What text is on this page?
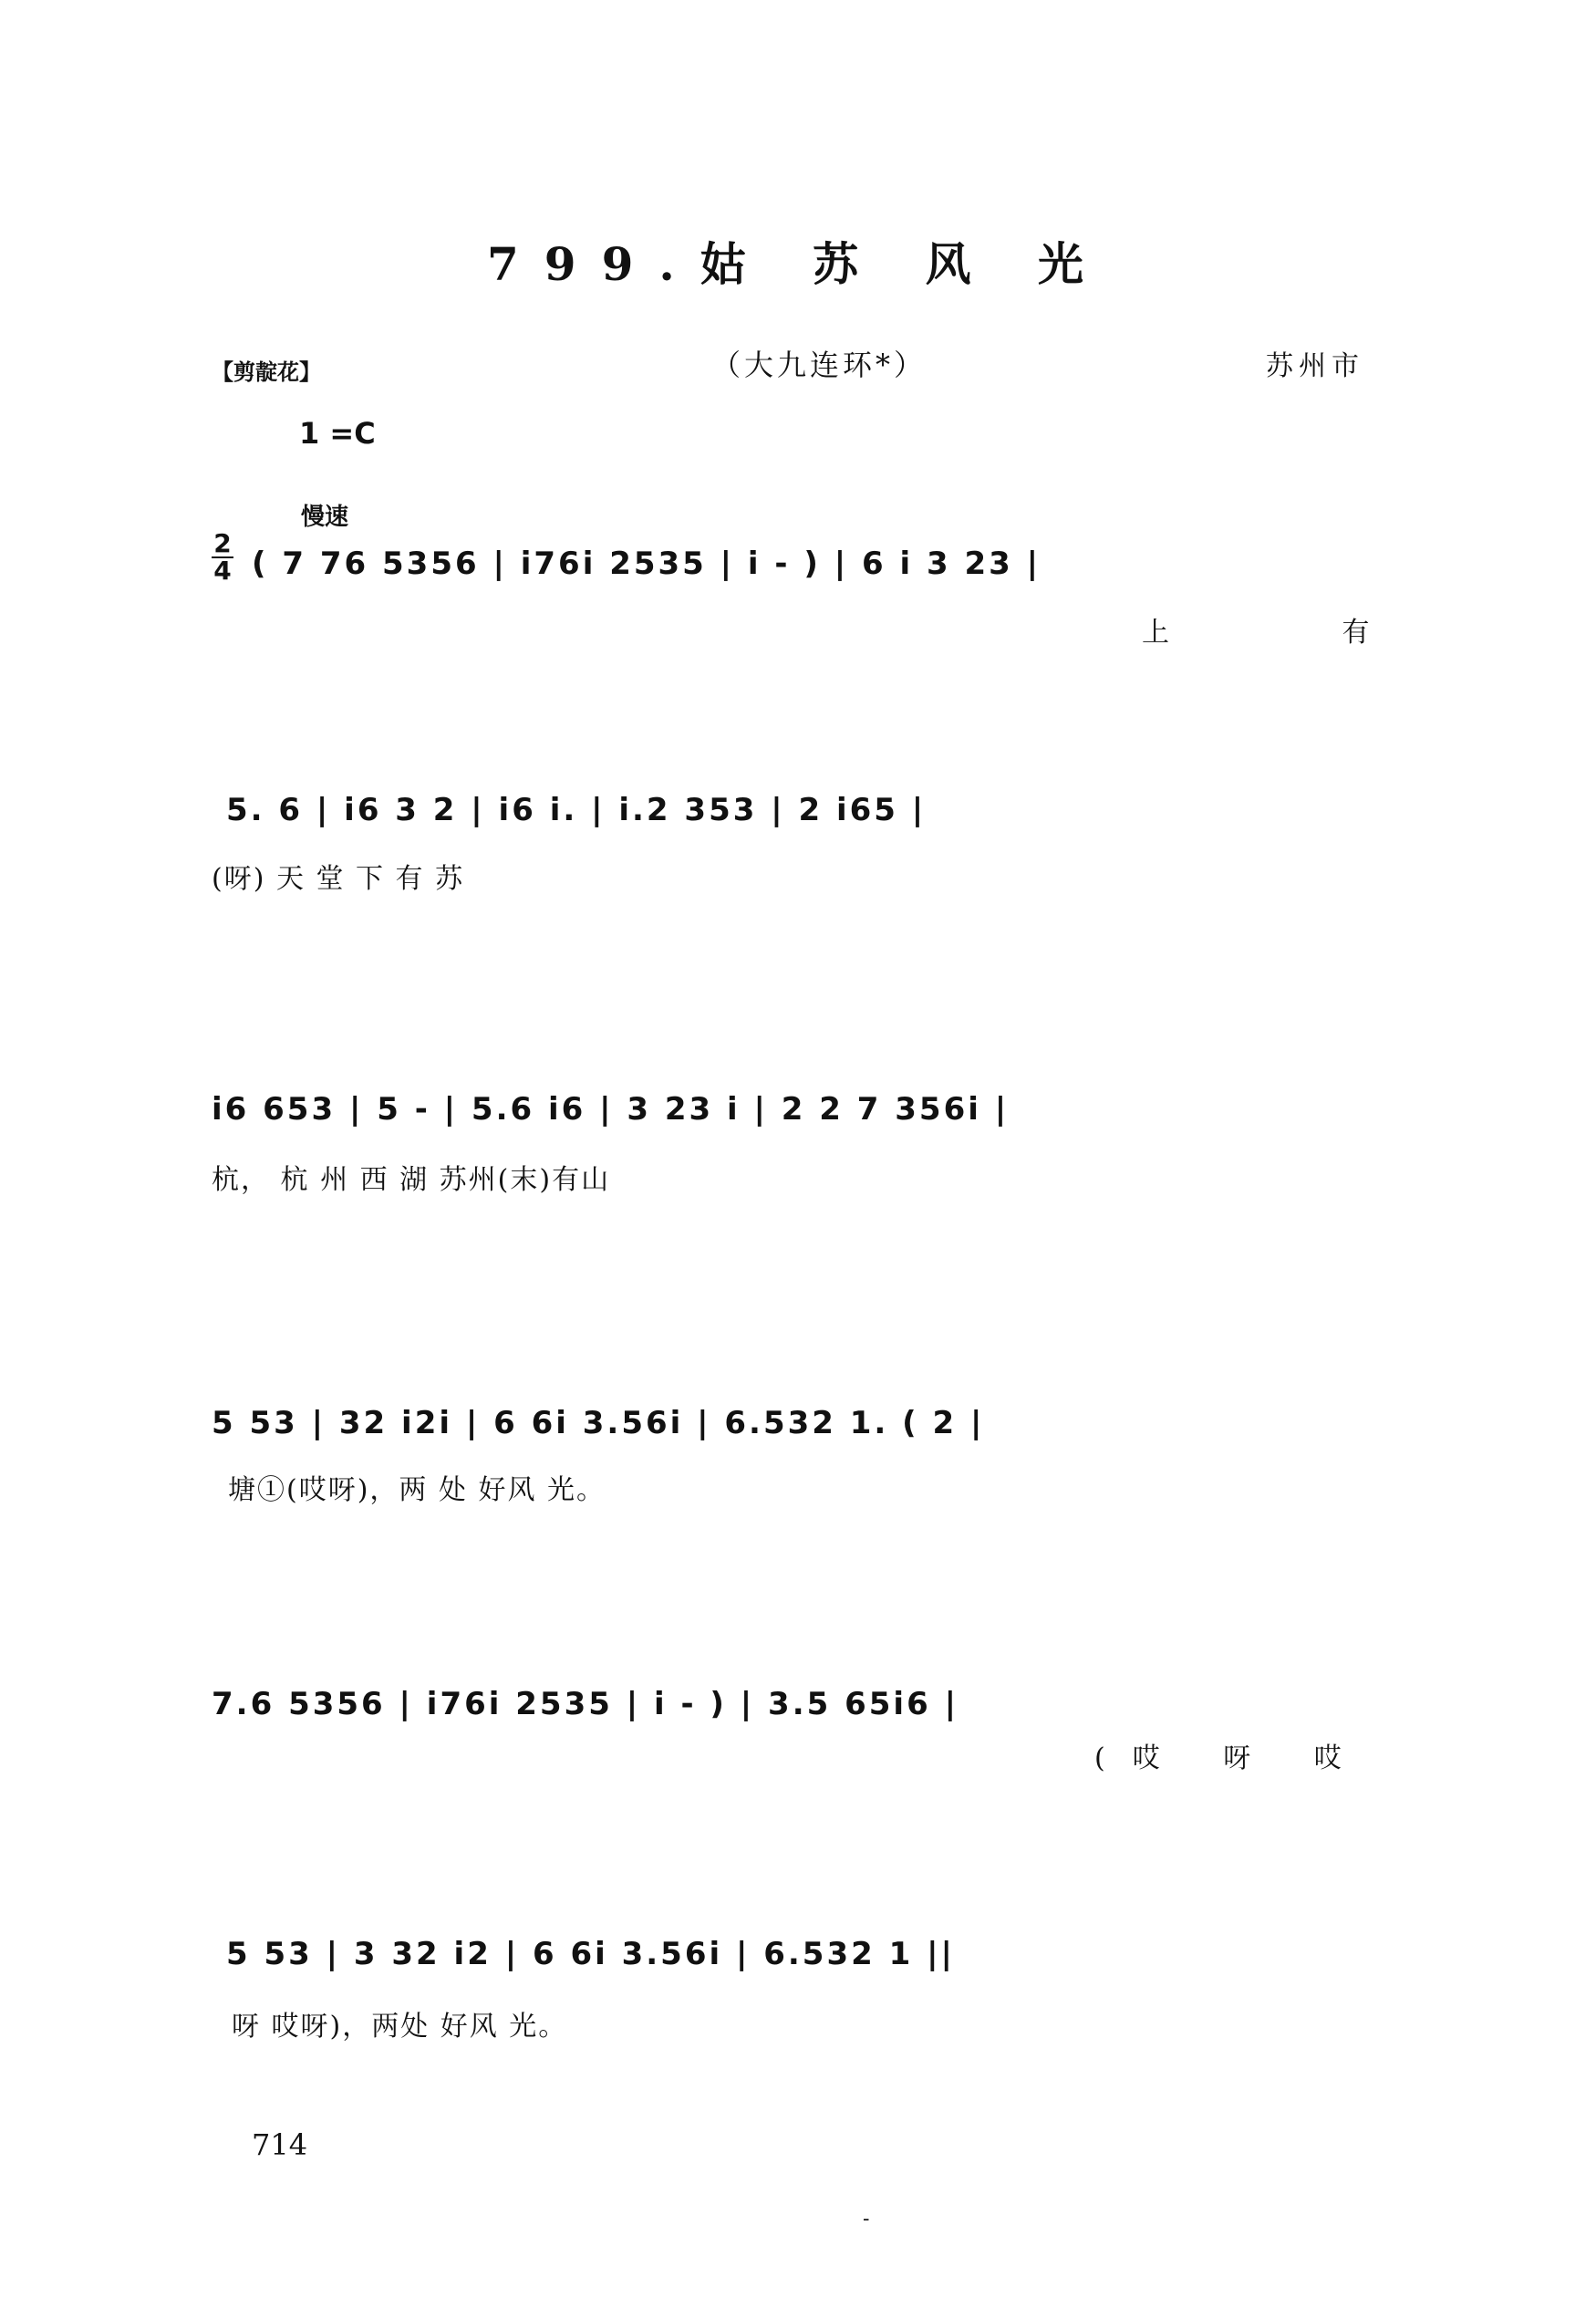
799.姑 苏 风 光
【剪靛花】	（大九连环*）	苏州市
1 =C
慢速
$\frac{2}{4}$ ( 7 76 5356 | i76i 2535 | i - ) | 6 i 3 23 |
上 有
5. 6 | i6 3 2 | i6 i. | i.2 353 | 2 i65 |
(呀) 天 堂 下 有 苏
i6 653 | 5 - | 5.6 i6 | 3 23 i | 2 2 7 356i |
杭， 杭 州 西 湖 苏州(末)有山
5 53 | 32 i2i | 6 6i 3.56i | 6.532 1. ( 2 |
塘①(哎呀)，两 处 好风 光。
7.6 5356 | i76i 2535 | i - ) | 3.5 65i6 |
(哎 呀 哎
5 53 | 3 32 i2 | 6 6i 3.56i | 6.532 1 ||
呀 哎呀)，两处 好风 光。
714
-
